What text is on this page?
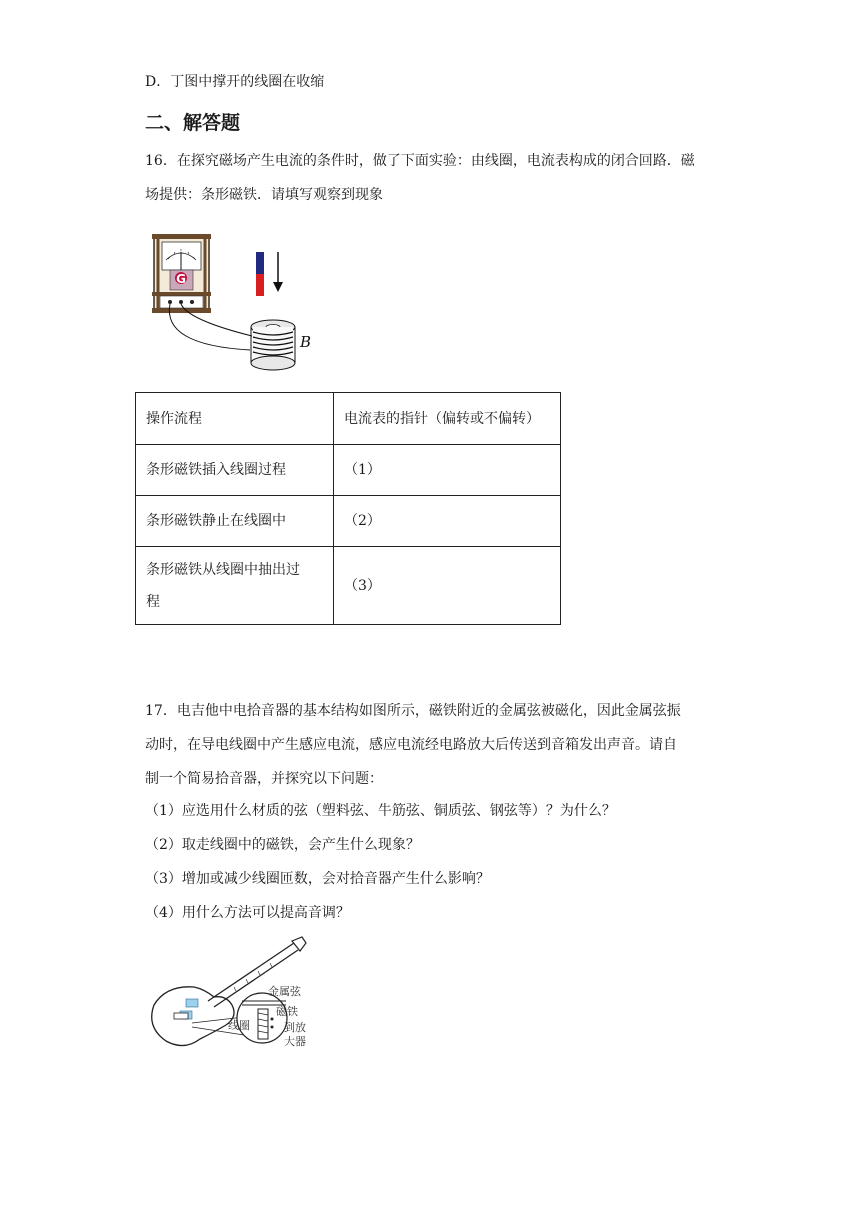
D．丁图中撑开的线圈在收缩
二、解答题
16．在探究磁场产生电流的条件时，做了下面实验：由线圈，电流表构成的闭合回路．磁
场提供：条形磁铁．请填写观察到现象
G
B
操作流程	电流表的指针（偏转或不偏转）
条形磁铁插入线圈过程	（1）
条形磁铁静止在线圈中	（2）
条形磁铁从线圈中抽出过
程	（3）
17．电吉他中电拾音器的基本结构如图所示，磁铁附近的金属弦被磁化，因此金属弦振
动时，在导电线圈中产生感应电流，感应电流经电路放大后传送到音箱发出声音。请自
制一个简易拾音器，并探究以下问题：
（1）应选用什么材质的弦（塑料弦、牛筋弦、铜质弦、钢弦等）？为什么？
（2）取走线圈中的磁铁，会产生什么现象？
（3）增加或减少线圈匝数，会对拾音器产生什么影响？
（4）用什么方法可以提高音调？
金属弦
磁铁
线圈	到放
大器
